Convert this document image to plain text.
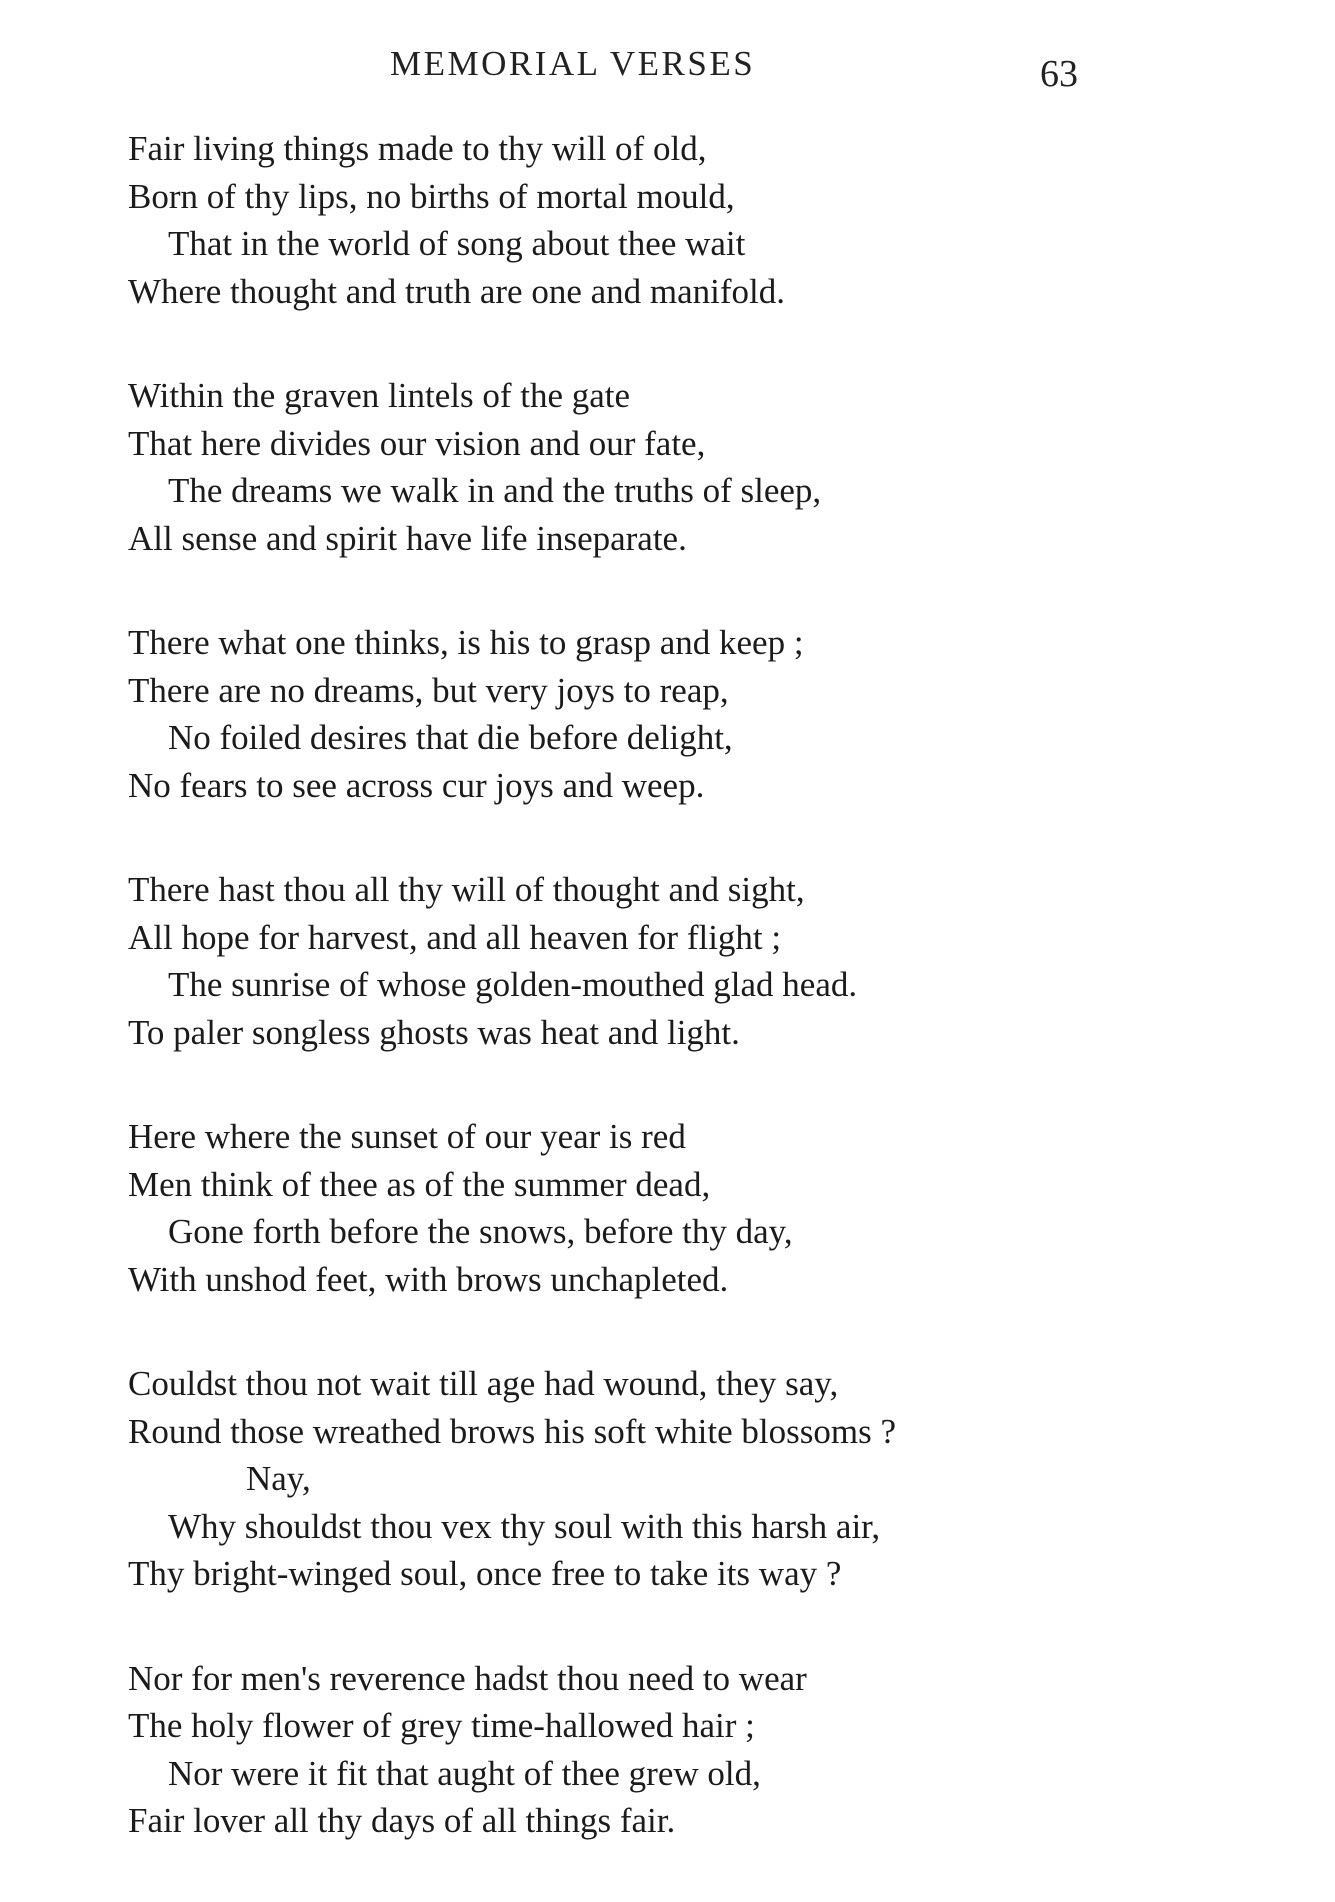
MEMORIAL VERSES	63
Fair living things made to thy will of old,
Born of thy lips, no births of mortal mould,
That in the world of song about thee wait
Where thought and truth are one and manifold.
Within the graven lintels of the gate
That here divides our vision and our fate,
The dreams we walk in and the truths of sleep,
All sense and spirit have life inseparate.
There what one thinks, is his to grasp and keep ;
There are no dreams, but very joys to reap,
No foiled desires that die before delight,
No fears to see across cur joys and weep.
There hast thou all thy will of thought and sight,
All hope for harvest, and all heaven for flight ;
The sunrise of whose golden-mouthed glad head.
To paler songless ghosts was heat and light.
Here where the sunset of our year is red
Men think of thee as of the summer dead,
Gone forth before the snows, before thy day,
With unshod feet, with brows unchapleted.
Couldst thou not wait till age had wound, they say,
Round those wreathed brows his soft white blossoms ?
Nay,
Why shouldst thou vex thy soul with this harsh air,
Thy bright-winged soul, once free to take its way ?
Nor for men's reverence hadst thou need to wear
The holy flower of grey time-hallowed hair ;
Nor were it fit that aught of thee grew old,
Fair lover all thy days of all things fair.
